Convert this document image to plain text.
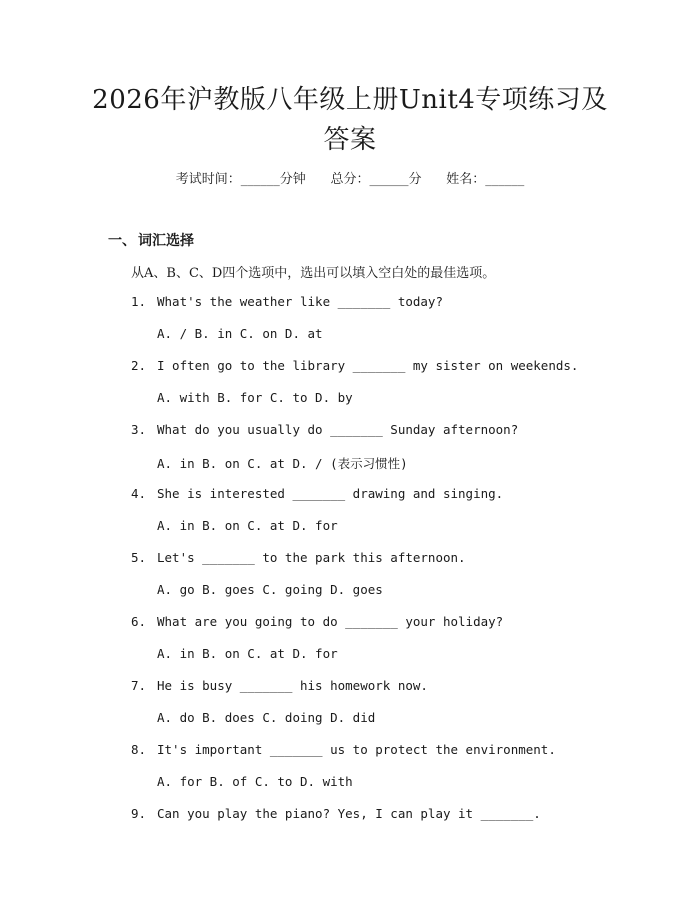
2026年沪教版八年级上册Unit4专项练习及
答案
考试时间：______分钟      总分：______分      姓名：______
一、 词汇选择
从A、B、C、D四个选项中，选出可以填入空白处的最佳选项。
1. What's the weather like _______ today?
A. / B. in C. on D. at
2. I often go to the library _______ my sister on weekends.
A. with B. for C. to D. by
3. What do you usually do _______ Sunday afternoon?
A. in B. on C. at D. / (表示习惯性)
4. She is interested _______ drawing and singing.
A. in B. on C. at D. for
5. Let's _______ to the park this afternoon.
A. go B. goes C. going D. goes
6. What are you going to do _______ your holiday?
A. in B. on C. at D. for
7. He is busy _______ his homework now.
A. do B. does C. doing D. did
8. It's important _______ us to protect the environment.
A. for B. of C. to D. with
9. Can you play the piano? Yes, I can play it _______.
